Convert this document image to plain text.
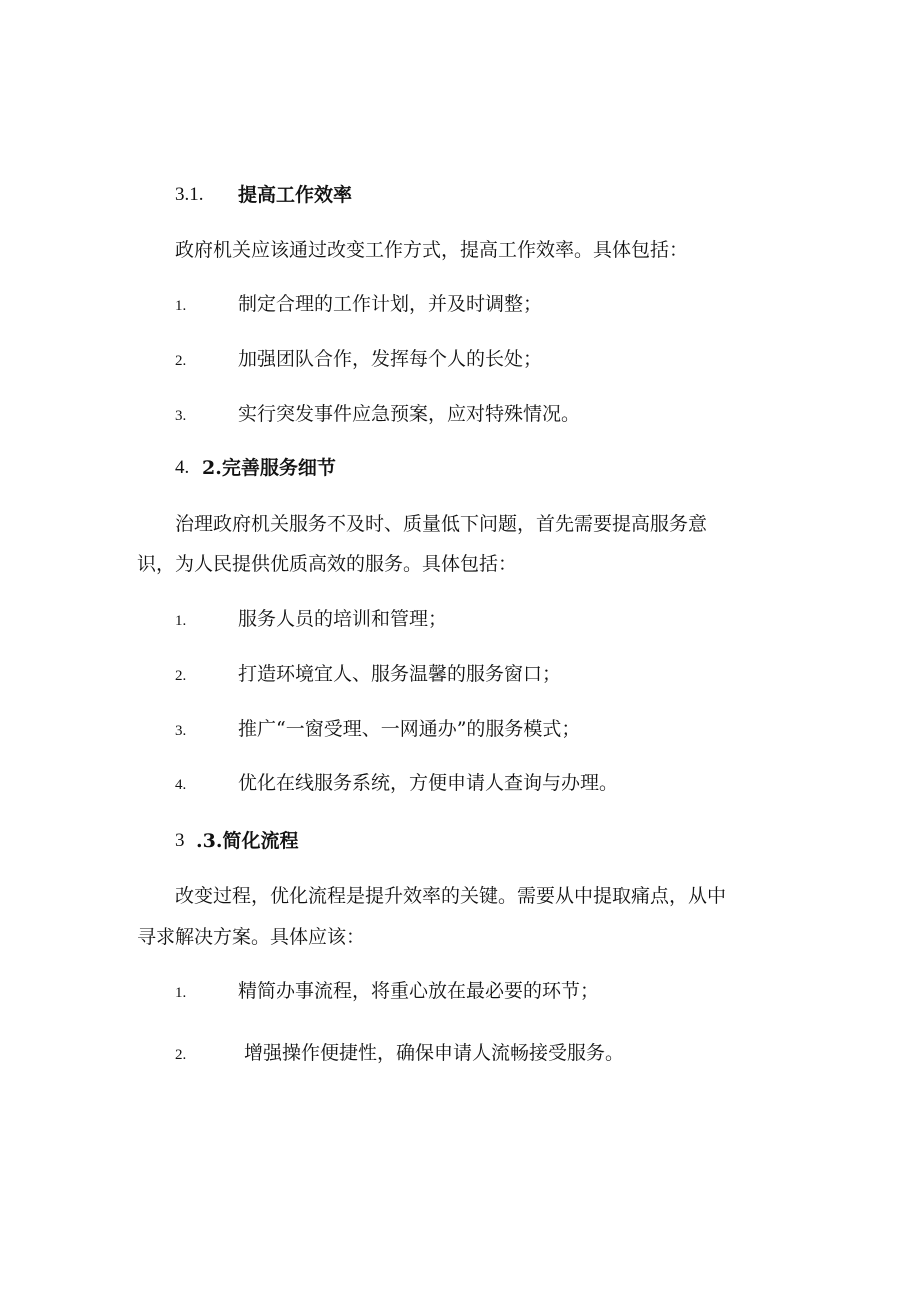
3.1. 提高工作效率
政府机关应该通过改变工作方式，提高工作效率。具体包括：
1.	制定合理的工作计划，并及时调整；
2.	加强团队合作，发挥每个人的长处；
3.	实行突发事件应急预案，应对特殊情况。
4. 2.完善服务细节
治理政府机关服务不及时、质量低下问题，首先需要提高服务意
识，为人民提供优质高效的服务。具体包括：
1.	服务人员的培训和管理；
2.	打造环境宜人、服务温馨的服务窗口；
3.	推广“一窗受理、一网通办”的服务模式；
4.	优化在线服务系统，方便申请人查询与办理。
3 .3.简化流程
改变过程，优化流程是提升效率的关键。需要从中提取痛点，从中
寻求解决方案。具体应该：
1.	精简办事流程，将重心放在最必要的环节；
2.	增强操作便捷性，确保申请人流畅接受服务。
